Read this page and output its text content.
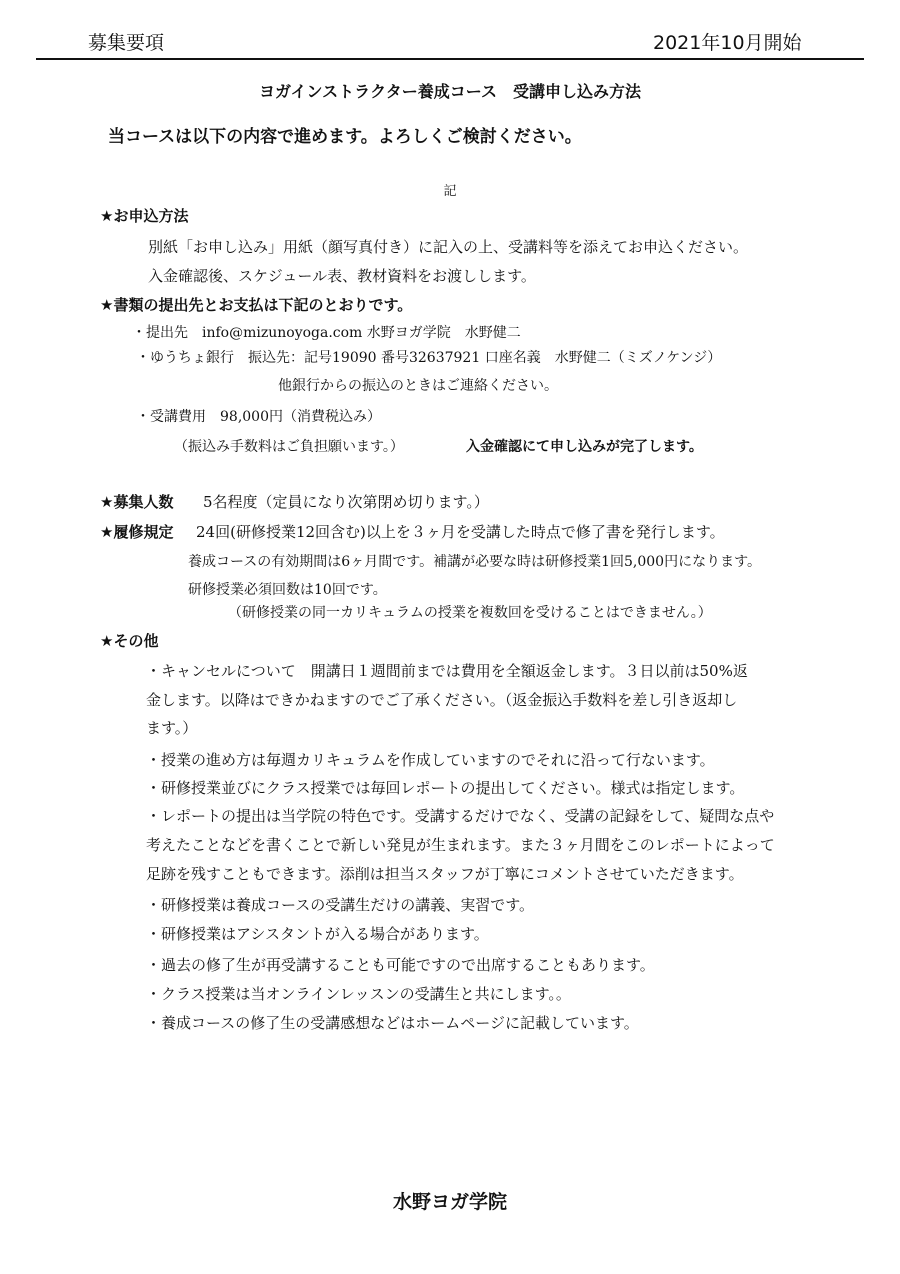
募集要項	2021年10月開始
ヨガインストラクター養成コース　受講申し込み方法
当コースは以下の内容で進めます。よろしくご検討ください。
記
★お申込方法
別紙「お申し込み」用紙（顔写真付き）に記入の上、受講料等を添えてお申込ください。
入金確認後、スケジュール表、教材資料をお渡しします。
★書類の提出先とお支払は下記のとおりです。
・提出先　info@mizunoyoga.com 水野ヨガ学院　水野健二
・ゆうちょ銀行　振込先：記号19090 番号32637921 口座名義　水野健二（ミズノケンジ）
他銀行からの振込のときはご連絡ください。
・受講費用　98,000円（消費税込み）
（振込み手数料はご負担願います。）	入金確認にて申し込みが完了します。
★募集人数 5名程度（定員になり次第閉め切ります。）
★履修規定 24回(研修授業12回含む)以上を３ヶ月を受講した時点で修了書を発行します。
養成コースの有効期間は6ヶ月間です。補講が必要な時は研修授業1回5,000円になります。
研修授業必須回数は10回です。
（研修授業の同一カリキュラムの授業を複数回を受けることはできません。）
★その他
・キャンセルについて　開講日１週間前までは費用を全額返金します。３日以前は50%返
金します。以降はできかねますのでご了承ください。（返金振込手数料を差し引き返却し
ます。）
・授業の進め方は毎週カリキュラムを作成していますのでそれに沿って行ないます。
・研修授業並びにクラス授業では毎回レポートの提出してください。様式は指定します。
・レポートの提出は当学院の特色です。受講するだけでなく、受講の記録をして、疑問な点や
考えたことなどを書くことで新しい発見が生まれます。また３ヶ月間をこのレポートによって
足跡を残すこともできます。添削は担当スタッフが丁寧にコメントさせていただきます。
・研修授業は養成コースの受講生だけの講義、実習です。
・研修授業はアシスタントが入る場合があります。
・過去の修了生が再受講することも可能ですので出席することもあります。
・クラス授業は当オンラインレッスンの受講生と共にします。。
・養成コースの修了生の受講感想などはホームページに記載しています。
水野ヨガ学院
